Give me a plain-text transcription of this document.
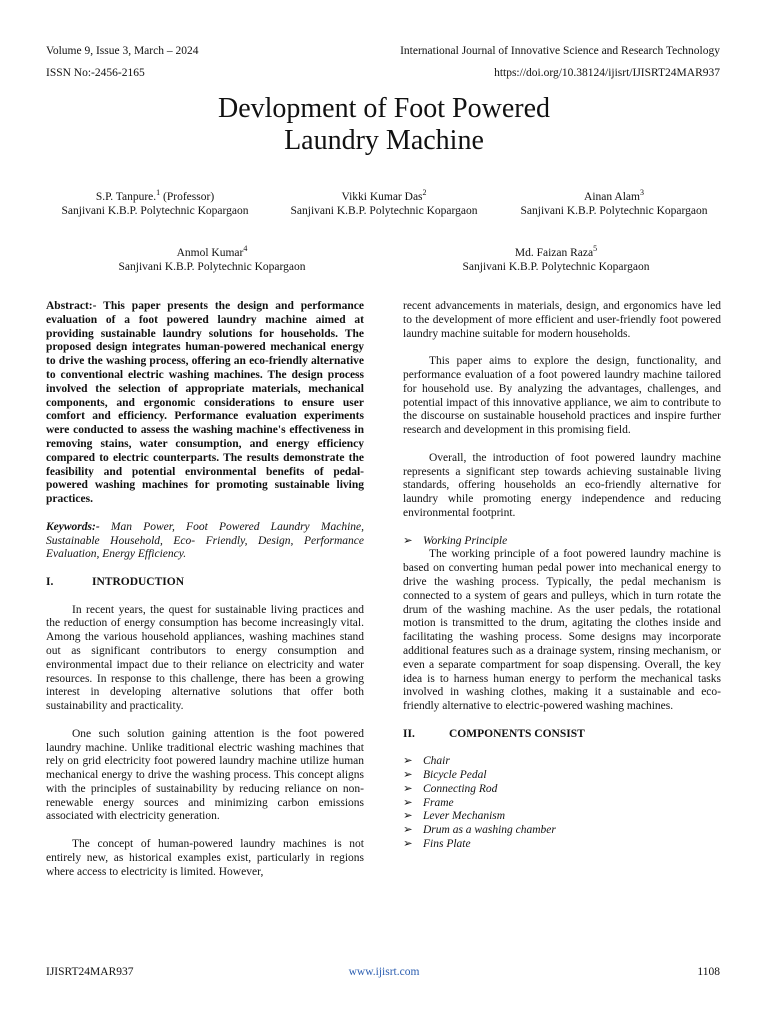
Volume 9, Issue 3, March – 2024	International Journal of Innovative Science and Research Technology
ISSN No:-2456-2165	https://doi.org/10.38124/ijisrt/IJISRT24MAR937
Devlopment of Foot Powered
Laundry Machine
S.P. Tanpure.$^1$ (Professor)
Sanjivani K.B.P. Polytechnic Kopargaon
Vikki Kumar Das$^2$
Sanjivani K.B.P. Polytechnic Kopargaon
Ainan Alam$^3$
Sanjivani K.B.P. Polytechnic Kopargaon
Anmol Kumar$^4$
Sanjivani K.B.P. Polytechnic Kopargaon
Md. Faizan Raza$^5$
Sanjivani K.B.P. Polytechnic Kopargaon

Abstract:- This paper presents the design and performance evaluation of a foot powered laundry machine aimed at providing sustainable laundry solutions for households. The proposed design integrates human-powered mechanical energy to drive the washing process, offering an eco-friendly alternative to conventional electric washing machines. The design process involved the selection of appropriate materials, mechanical components, and ergonomic considerations to ensure user comfort and efficiency. Performance evaluation experiments were conducted to assess the washing machine's effectiveness in removing stains, water consumption, and energy efficiency compared to electric counterparts. The results demonstrate the feasibility and potential environmental benefits of pedal-powered washing machines for promoting sustainable living practices.

Keywords:- Man Power, Foot Powered Laundry Machine, Sustainable Household, Eco- Friendly, Design, Performance Evaluation, Energy Efficiency.

I.	INTRODUCTION

In recent years, the quest for sustainable living practices and the reduction of energy consumption has become increasingly vital. Among the various household appliances, washing machines stand out as significant contributors to energy consumption and environmental impact due to their reliance on electricity and water resources. In response to this challenge, there has been a growing interest in developing alternative solutions that offer both sustainability and practicality.

One such solution gaining attention is the foot powered laundry machine. Unlike traditional electric washing machines that rely on grid electricity foot powered laundry machine utilize human mechanical energy to drive the washing process. This concept aligns with the principles of sustainability by reducing reliance on non-renewable energy sources and minimizing carbon emissions associated with electricity generation.

The concept of human-powered laundry machines is not entirely new, as historical examples exist, particularly in regions where access to electricity is limited. However,

recent advancements in materials, design, and ergonomics have led to the development of more efficient and user-friendly foot powered laundry machine suitable for modern households.

This paper aims to explore the design, functionality, and performance evaluation of a foot powered laundry machine tailored for household use. By analyzing the advantages, challenges, and potential impact of this innovative appliance, we aim to contribute to the discourse on sustainable household practices and inspire further research and development in this promising field.

Overall, the introduction of foot powered laundry machine represents a significant step towards achieving sustainable living standards, offering households an eco-friendly alternative for laundry while promoting energy independence and reducing environmental footprint.

➢ Working Principle

The working principle of a foot powered laundry machine is based on converting human pedal power into mechanical energy to drive the washing process. Typically, the pedal mechanism is connected to a system of gears and pulleys, which in turn rotate the drum of the washing machine. As the user pedals, the rotational motion is transmitted to the drum, agitating the clothes inside and facilitating the washing process. Some designs may incorporate additional features such as a drainage system, rinsing mechanism, or even a separate compartment for soap dispensing. Overall, the key idea is to harness human energy to perform the mechanical tasks involved in washing clothes, making it a sustainable and eco-friendly alternative to electric-powered washing machines.

II.	COMPONENTS CONSIST

➢ Chair
➢ Bicycle Pedal
➢ Connecting Rod
➢ Frame
➢ Lever Mechanism
➢ Drum as a washing chamber
➢ Fins Plate
IJISRT24MAR937	www.ijisrt.com	1108
